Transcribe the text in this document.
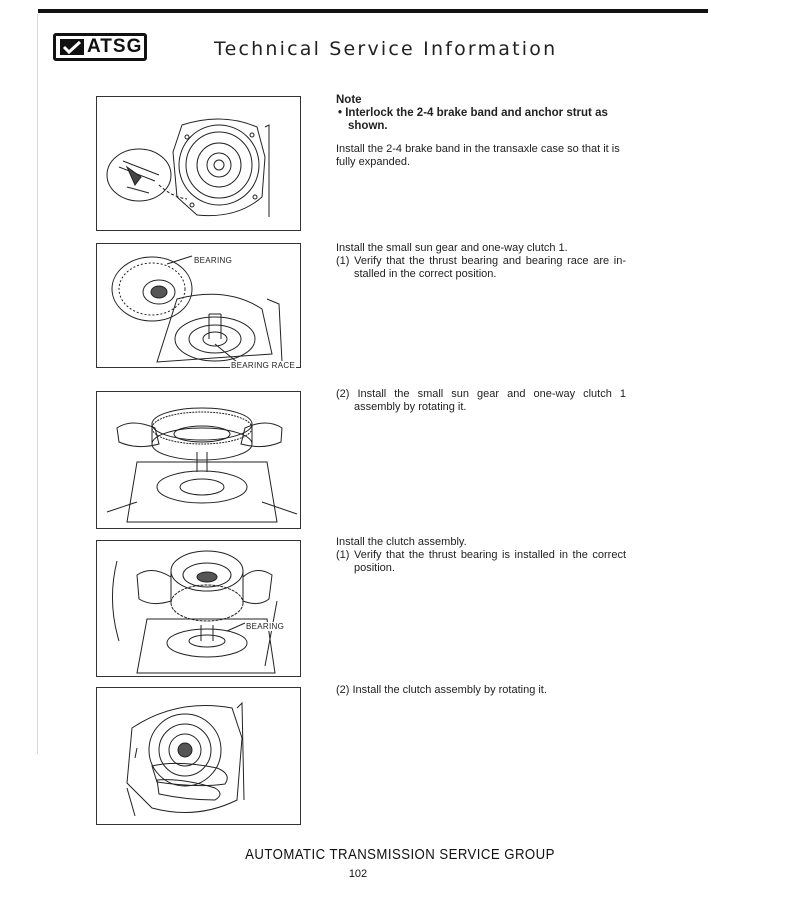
ATSG	Technical Service Information
BEARING
BEARING RACE
BEARING
Note
• Interlock the 2-4 brake band and anchor strut as shown.
Install the 2-4 brake band in the transaxle case so that it is fully expanded.
Install the small sun gear and one-way clutch 1.
(1) Verify that the thrust bearing and bearing race are in-stalled in the correct position.
(2) Install the small sun gear and one-way clutch 1 assembly by rotating it.
Install the clutch assembly.
(1) Verify that the thrust bearing is installed in the correct position.
(2) Install the clutch assembly by rotating it.
AUTOMATIC TRANSMISSION SERVICE GROUP
102
